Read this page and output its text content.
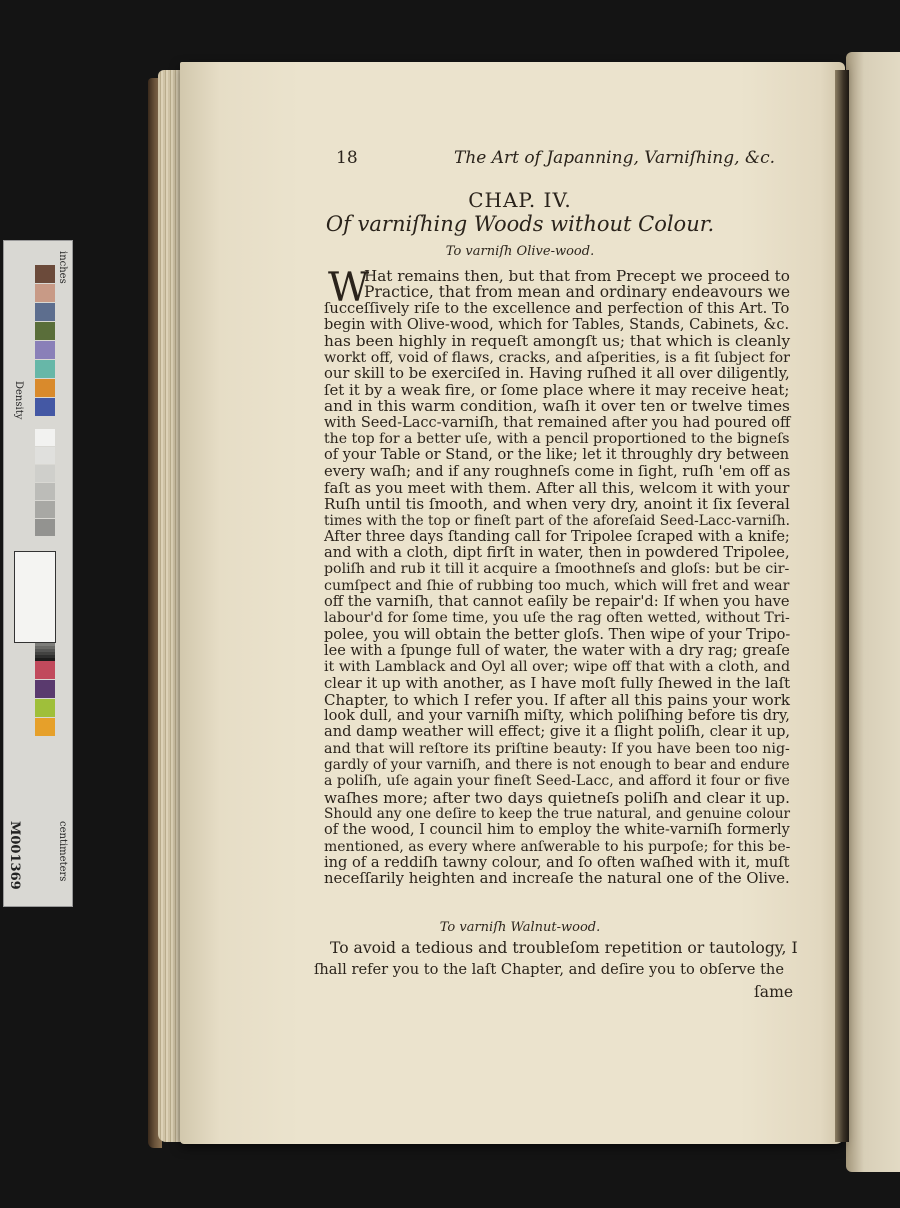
inches
centimeters
Density
M001369
18	The Art of Japanning, Varniſhing, &c.
CHAP. IV.
Of varniſhing Woods without Colour.
To varniſh Olive-wood.
W
Hat remains then, but that from Precept we proceed to
Practice, that from mean and ordinary endeavours we
ſucceſſively riſe to the excellence and perfection of this Art. To
begin with Olive-wood, which for Tables, Stands, Cabinets, &c.
has been highly in requeſt amongſt us; that which is cleanly
workt off, void of flaws, cracks, and aſperities, is a fit ſubject for
our skill to be exerciſed in. Having ruſhed it all over diligently,
ſet it by a weak fire, or ſome place where it may receive heat;
and in this warm condition, waſh it over ten or twelve times
with Seed-Lacc-varniſh, that remained after you had poured off
the top for a better uſe, with a pencil proportioned to the bigneſs
of your Table or Stand, or the like; let it throughly dry between
every waſh; and if any roughneſs come in ſight, ruſh 'em off as
faſt as you meet with them. After all this, welcom it with your
Ruſh until tis ſmooth, and when very dry, anoint it ſix ſeveral
times with the top or fineſt part of the aforeſaid Seed-Lacc-varniſh.
After three days ſtanding call for Tripolee ſcraped with a knife;
and with a cloth, dipt firſt in water, then in powdered Tripolee,
poliſh and rub it till it acquire a ſmoothneſs and gloſs: but be cir-
cumſpect and ſhie of rubbing too much, which will fret and wear
off the varniſh, that cannot eaſily be repair'd: If when you have
labour'd for ſome time, you uſe the rag often wetted, without Tri-
polee, you will obtain the better gloſs. Then wipe of your Tripo-
lee with a ſpunge full of water, the water with a dry rag; greaſe
it with Lamblack and Oyl all over; wipe off that with a cloth, and
clear it up with another, as I have moſt fully ſhewed in the laſt
Chapter, to which I refer you. If after all this pains your work
look dull, and your varniſh miſty, which poliſhing before tis dry,
and damp weather will effect; give it a ſlight poliſh, clear it up,
and that will reſtore its priſtine beauty: If you have been too nig-
gardly of your varniſh, and there is not enough to bear and endure
a poliſh, uſe again your fineſt Seed-Lacc, and afford it four or five
waſhes more; after two days quietneſs poliſh and clear it up.
Should any one deſire to keep the true natural, and genuine colour
of the wood, I council him to employ the white-varniſh formerly
mentioned, as every where anſwerable to his purpoſe; for this be-
ing of a reddiſh tawny colour, and ſo often waſhed with it, muſt
neceſſarily heighten and increaſe the natural one of the Olive.
To varniſh Walnut-wood.
To avoid a tedious and troubleſom repetition or tautology, I
ſhall refer you to the laſt Chapter, and deſire you to obſerve the
ſame
